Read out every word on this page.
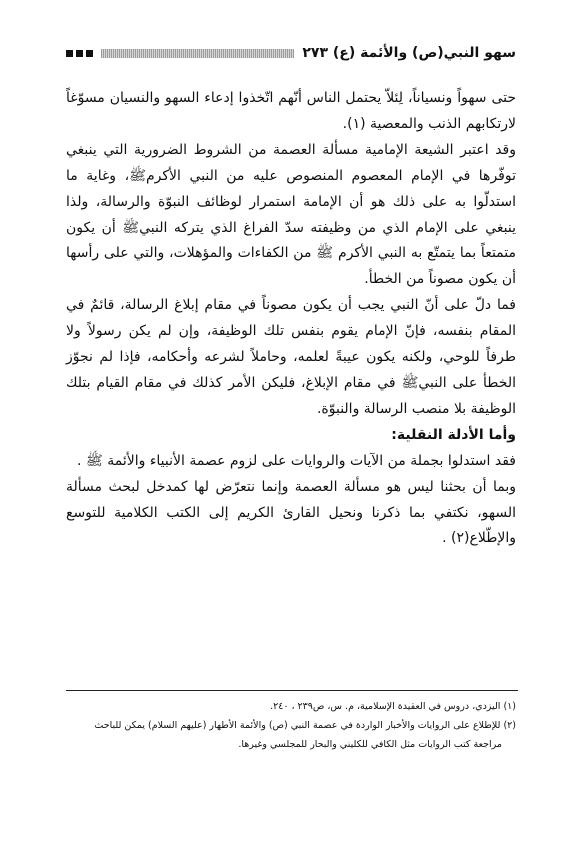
سهو النبي(ص) والأئمة (ع) ٢٧٣

حتى سهواً ونسياناً، لِئلاّ يحتمل الناس أنّهم اتّخذوا إدعاء السهو والنسيان مسوّغاً لارتكابهم الذنب والمعصية (١).

وقد اعتبر الشيعة الإمامية مسألة العصمة من الشروط الضرورية التي ينبغي توفّرها في الإمام المعصوم المنصوص عليه من النبي الأكرمﷺ، وغاية ما استدلّوا به على ذلك هو أن الإمامة استمرار لوظائف النبوّة والرسالة، ولذا ينبغي على الإمام الذي من وظيفته سدّ الفراغ الذي يتركه النبيﷺ أن يكون متمتعاً بما يتمتّع به النبي الأكرم ﷺ من الكفاءات والمؤهلات، والتي على رأسها أن يكون مصوناً من الخطأ.

فما دلّ على أنّ النبي يجب أن يكون مصوناً في مقام إبلاغ الرسالة، قائمٌ في المقام بنفسه، فإنّ الإمام يقوم بنفس تلك الوظيفة، وإن لم يكن رسولاً ولا طرفاً للوحي، ولكنه يكون عيبةً لعلمه، وحاملاً لشرعه وأحكامه، فإذا لم نجوّز الخطأ على النبيﷺ في مقام الإبلاغ، فليكن الأمر كذلك في مقام القيام بتلك الوظيفة بلا منصب الرسالة والنبوّة.

وأما الأدلة النقلية:

فقد استدلوا بجملة من الآيات والروايات على لزوم عصمة الأنبياء والأئمة ﷺ .

وبما أن بحثنا ليس هو مسألة العصمة وإنما نتعرّض لها كمدخل لبحث مسألة السهو، نكتفي بما ذكرنا ونحيل القارئ الكريم إلى الكتب الكلامية للتوسع والإطّلاع(٢) .

(١) اليزدي، دروس في العقيدة الإسلامية، م. س، ص٢٣٩ ، ٢٤٠.

(٢) للإطلاع على الروايات والأخبار الواردة في عصمة النبي (ص) والأئمة الأطهار (عليهم السلام) يمكن للباحث

مراجعة كتب الروايات مثل الكافي للكليني والبحار للمجلسي وغيرها.
